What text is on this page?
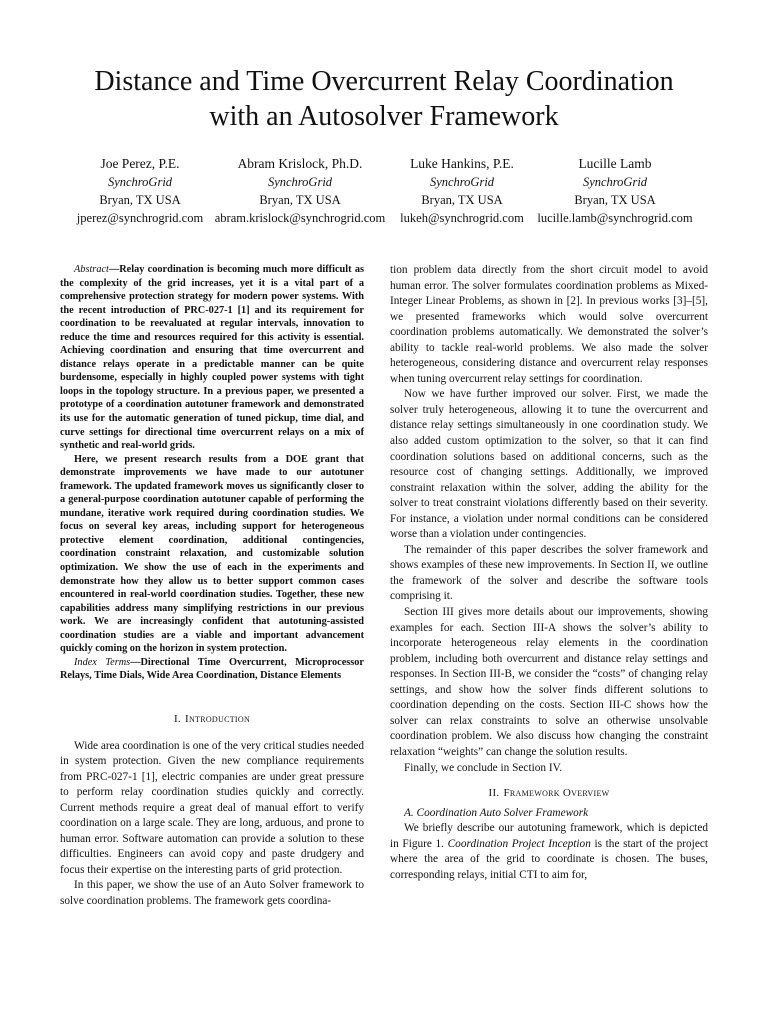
Distance and Time Overcurrent Relay Coordination
with an Autosolver Framework
Joe Perez, P.E.
SynchroGrid
Bryan, TX USA
jperez@synchrogrid.com
Abram Krislock, Ph.D.
SynchroGrid
Bryan, TX USA
abram.krislock@synchrogrid.com
Luke Hankins, P.E.
SynchroGrid
Bryan, TX USA
lukeh@synchrogrid.com
Lucille Lamb
SynchroGrid
Bryan, TX USA
lucille.lamb@synchrogrid.com

Abstract—Relay coordination is becoming much more difficult as the complexity of the grid increases, yet it is a vital part of a comprehensive protection strategy for modern power systems. With the recent introduction of PRC-027-1 [1] and its requirement for coordination to be reevaluated at regular intervals, innovation to reduce the time and resources required for this activity is essential. Achieving coordination and ensuring that time overcurrent and distance relays operate in a predictable manner can be quite burdensome, especially in highly coupled power systems with tight loops in the topology structure. In a previous paper, we presented a prototype of a coordination autotuner framework and demonstrated its use for the automatic generation of tuned pickup, time dial, and curve settings for directional time overcurrent relays on a mix of synthetic and real-world grids.

Here, we present research results from a DOE grant that demonstrate improvements we have made to our autotuner framework. The updated framework moves us significantly closer to a general-purpose coordination autotuner capable of performing the mundane, iterative work required during coordination studies. We focus on several key areas, including support for heterogeneous protective element coordination, additional contingencies, coordination constraint relaxation, and customizable solution optimization. We show the use of each in the experiments and demonstrate how they allow us to better support common cases encountered in real-world coordination studies. Together, these new capabilities address many simplifying restrictions in our previous work. We are increasingly confident that autotuning-assisted coordination studies are a viable and important advancement quickly coming on the horizon in system protection.

Index Terms—Directional Time Overcurrent, Microprocessor Relays, Time Dials, Wide Area Coordination, Distance Elements

I. Introduction

Wide area coordination is one of the very critical studies needed in system protection. Given the new compliance requirements from PRC-027-1 [1], electric companies are under great pressure to perform relay coordination studies quickly and correctly. Current methods require a great deal of manual effort to verify coordination on a large scale. They are long, arduous, and prone to human error. Software automation can provide a solution to these difficulties. Engineers can avoid copy and paste drudgery and focus their expertise on the interesting parts of grid protection.

In this paper, we show the use of an Auto Solver framework to solve coordination problems. The framework gets coordina-

tion problem data directly from the short circuit model to avoid human error. The solver formulates coordination problems as Mixed-Integer Linear Problems, as shown in [2]. In previous works [3]–[5], we presented frameworks which would solve overcurrent coordination problems automatically. We demonstrated the solver’s ability to tackle real-world problems. We also made the solver heterogeneous, considering distance and overcurrent relay responses when tuning overcurrent relay settings for coordination.

Now we have further improved our solver. First, we made the solver truly heterogeneous, allowing it to tune the overcurrent and distance relay settings simultaneously in one coordination study. We also added custom optimization to the solver, so that it can find coordination solutions based on additional concerns, such as the resource cost of changing settings. Additionally, we improved constraint relaxation within the solver, adding the ability for the solver to treat constraint violations differently based on their severity. For instance, a violation under normal conditions can be considered worse than a violation under contingencies.

The remainder of this paper describes the solver framework and shows examples of these new improvements. In Section II, we outline the framework of the solver and describe the software tools comprising it.

Section III gives more details about our improvements, showing examples for each. Section III-A shows the solver’s ability to incorporate heterogeneous relay elements in the coordination problem, including both overcurrent and distance relay settings and responses. In Section III-B, we consider the “costs” of changing relay settings, and show how the solver finds different solutions to coordination depending on the costs. Section III-C shows how the solver can relax constraints to solve an otherwise unsolvable coordination problem. We also discuss how changing the constraint relaxation “weights” can change the solution results.

Finally, we conclude in Section IV.

II. Framework Overview

A. Coordination Auto Solver Framework

We briefly describe our autotuning framework, which is depicted in Figure 1. Coordination Project Inception is the start of the project where the area of the grid to coordinate is chosen. The buses, corresponding relays, initial CTI to aim for,
